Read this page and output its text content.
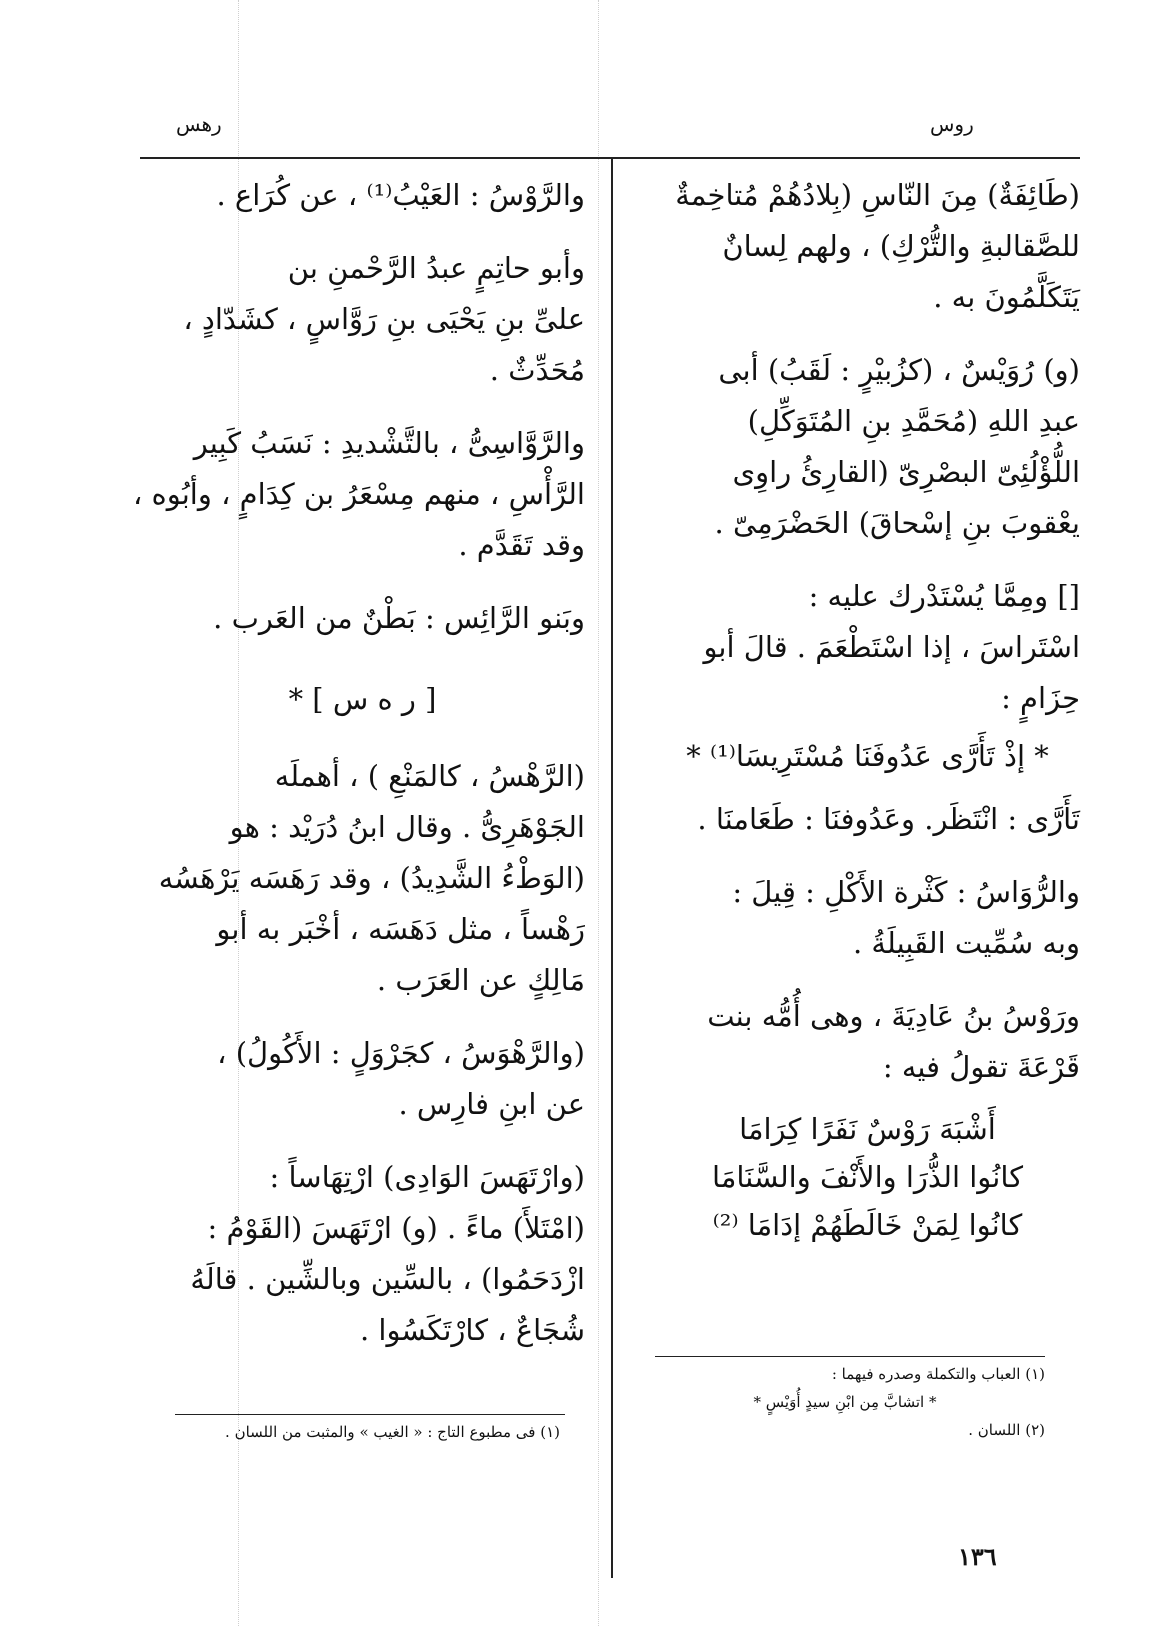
روس
رهس
(طَائِفَةٌ) مِنَ النّاسِ (بِلادُهُمْ مُتاخِمةٌ
للصَّقالبةِ والتُّرْكِ) ، ولهم لِسانٌ
يَتَكَلَّمُونَ به .
(و) رُوَيْسٌ ، (كزُبيْرٍ : لَقَبُ) أبى
عبدِ اللهِ (مُحَمَّدِ بنِ المُتَوَكِّلِ)
اللُّؤْلُئِىّ البصْرِىّ (القارِئُ راوِى
يعْقوبَ بنِ إسْحاقَ) الحَضْرَمِىّ .
[] ومِمَّا يُسْتَدْرك عليه :
اسْتَراسَ ، إذا اسْتَطْعَمَ . قالَ أبو
حِزَامٍ :
* إذْ تَأَرَّى عَدُوفَنَا مُسْتَرِيسَا⁽¹⁾ *
تَأَرَّى : انْتَظَر. وعَدُوفنَا : طَعَامنَا .
والرُّوَاسُ : كَثْرة الأَكْلِ : قِيلَ :
وبه سُمِّيت القَبِيلَةُ .
ورَوْسُ بنُ عَادِيَةَ ، وهى أُمُّه بنت
قَرْعَةَ تقولُ فيه :
أَشْبَهَ رَوْسٌ نَفَرًا كِرَامَا
كانُوا الذُّرَا والأَنْفَ والسَّنَامَا
كانُوا لِمَنْ خَالَطَهُمْ إدَامَا ⁽²⁾
(١) العباب والتكملة وصدره فيهما :
* اتشابَّ مِن ابْنِ سيدٍ أُوَيْسٍ *
(٢) اللسان .
والرَّوْسُ : العَيْبُ⁽¹⁾ ، عن كُرَاع .
وأبو حاتِمٍ عبدُ الرَّحْمنِ بن
علىِّ بنِ يَحْيَى بنِ رَوَّاسٍ ، كشَدّادٍ ،
مُحَدِّثٌ .
والرَّوَّاسِىُّ ، بالتَّشْديدِ : نَسَبُ كَبِير
الرَّأْسِ ، منهم مِسْعَرُ بن كِدَامٍ ، وأبُوه ،
وقد تَقَدَّم .
وبَنو الرَّائِس : بَطْنٌ من العَرب .
[ ر ه س ] *
(الرَّهْسُ ، كالمَنْعِ ) ، أهملَه
الجَوْهَرِىُّ . وقال ابنُ دُرَيْد : هو
(الوَطْءُ الشَّدِيدُ) ، وقد رَهَسَه يَرْهَسُه
رَهْساً ، مثل دَهَسَه ، أخْبَر به أبو
مَالِكٍ عن العَرَب .
(والرَّهْوَسُ ، كجَرْوَلٍ : الأَكُولُ) ،
عن ابنِ فارِس .
(وارْتَهَسَ الوَادِى) ارْتِهَاساً :
(امْتَلأَ) ماءً . (و) ارْتَهَسَ (القَوْمُ :
ازْدَحَمُوا) ، بالسِّين وبالشِّين . قالَهُ
شُجَاعٌ ، كارْتَكَسُوا .
(١) فى مطبوع التاج : « الغيب » والمثبت من اللسان .
١٣٦
